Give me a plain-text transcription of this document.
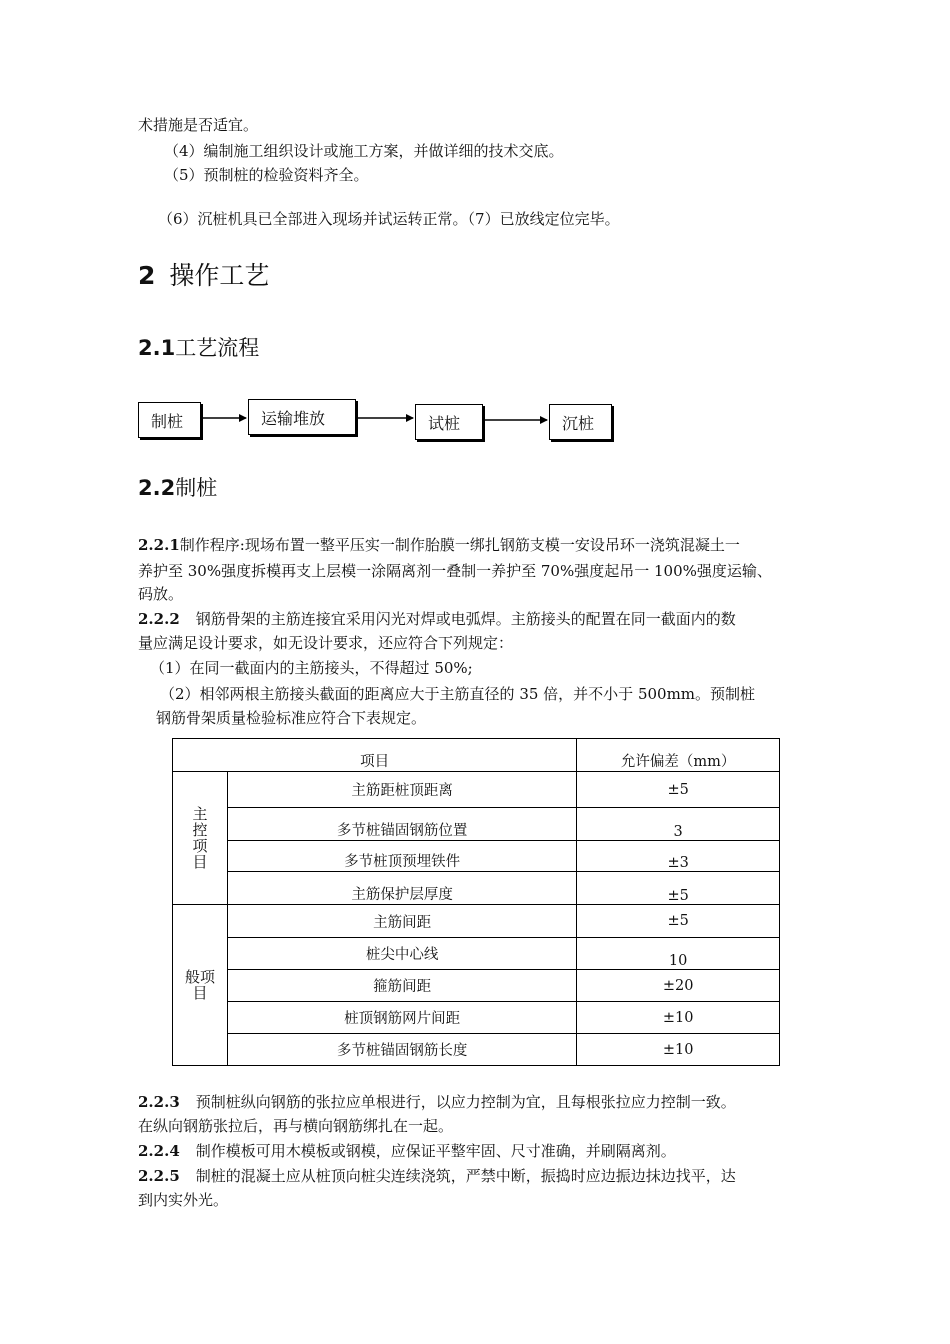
术措施是否适宜。
（4）编制施工组织设计或施工方案，并做详细的技术交底。
（5）预制桩的检验资料齐全。
（6）沉桩机具已全部进入现场并试运转正常。（7）已放线定位完毕。
2 操作工艺
2.1工艺流程
制桩	运输堆放	试桩	沉桩
2.2制桩
2.2.1制作程序:现场布置一整平压实一制作胎膜一绑扎钢筋支模一安设吊环一浇筑混凝土一
养护至 30%强度拆模再支上层模一涂隔离剂一叠制一养护至 70%强度起吊一 100%强度运输、
码放。
2.2.2 钢筋骨架的主筋连接宜采用闪光对焊或电弧焊。主筋接头的配置在同一截面内的数
量应满足设计要求，如无设计要求，还应符合下列规定：
（1）在同一截面内的主筋接头，不得超过 50%;
（2）相邻两根主筋接头截面的距离应大于主筋直径的 35 倍，并不小于 500mm。预制桩
钢筋骨架质量检验标准应符合下表规定。
项目		允许偏差（mm）

主
控
项
目	主筋距桩顶距离	±5
	多节桩锚固钢筋位置	3
	多节桩顶预埋铁件	±3
	主筋保护层厚度	±5

般项
目	主筋间距	±5
	桩尖中心线	10
	箍筋间距	±20
	桩顶钢筋网片间距	±10
	多节桩锚固钢筋长度	±10
2.2.3 预制桩纵向钢筋的张拉应单根进行，以应力控制为宜，且每根张拉应力控制一致。
在纵向钢筋张拉后，再与横向钢筋绑扎在一起。
2.2.4 制作模板可用木模板或钢模，应保证平整牢固、尺寸准确，并刷隔离剂。
2.2.5 制桩的混凝土应从桩顶向桩尖连续浇筑，严禁中断，振捣时应边振边抹边找平，达
到内实外光。
